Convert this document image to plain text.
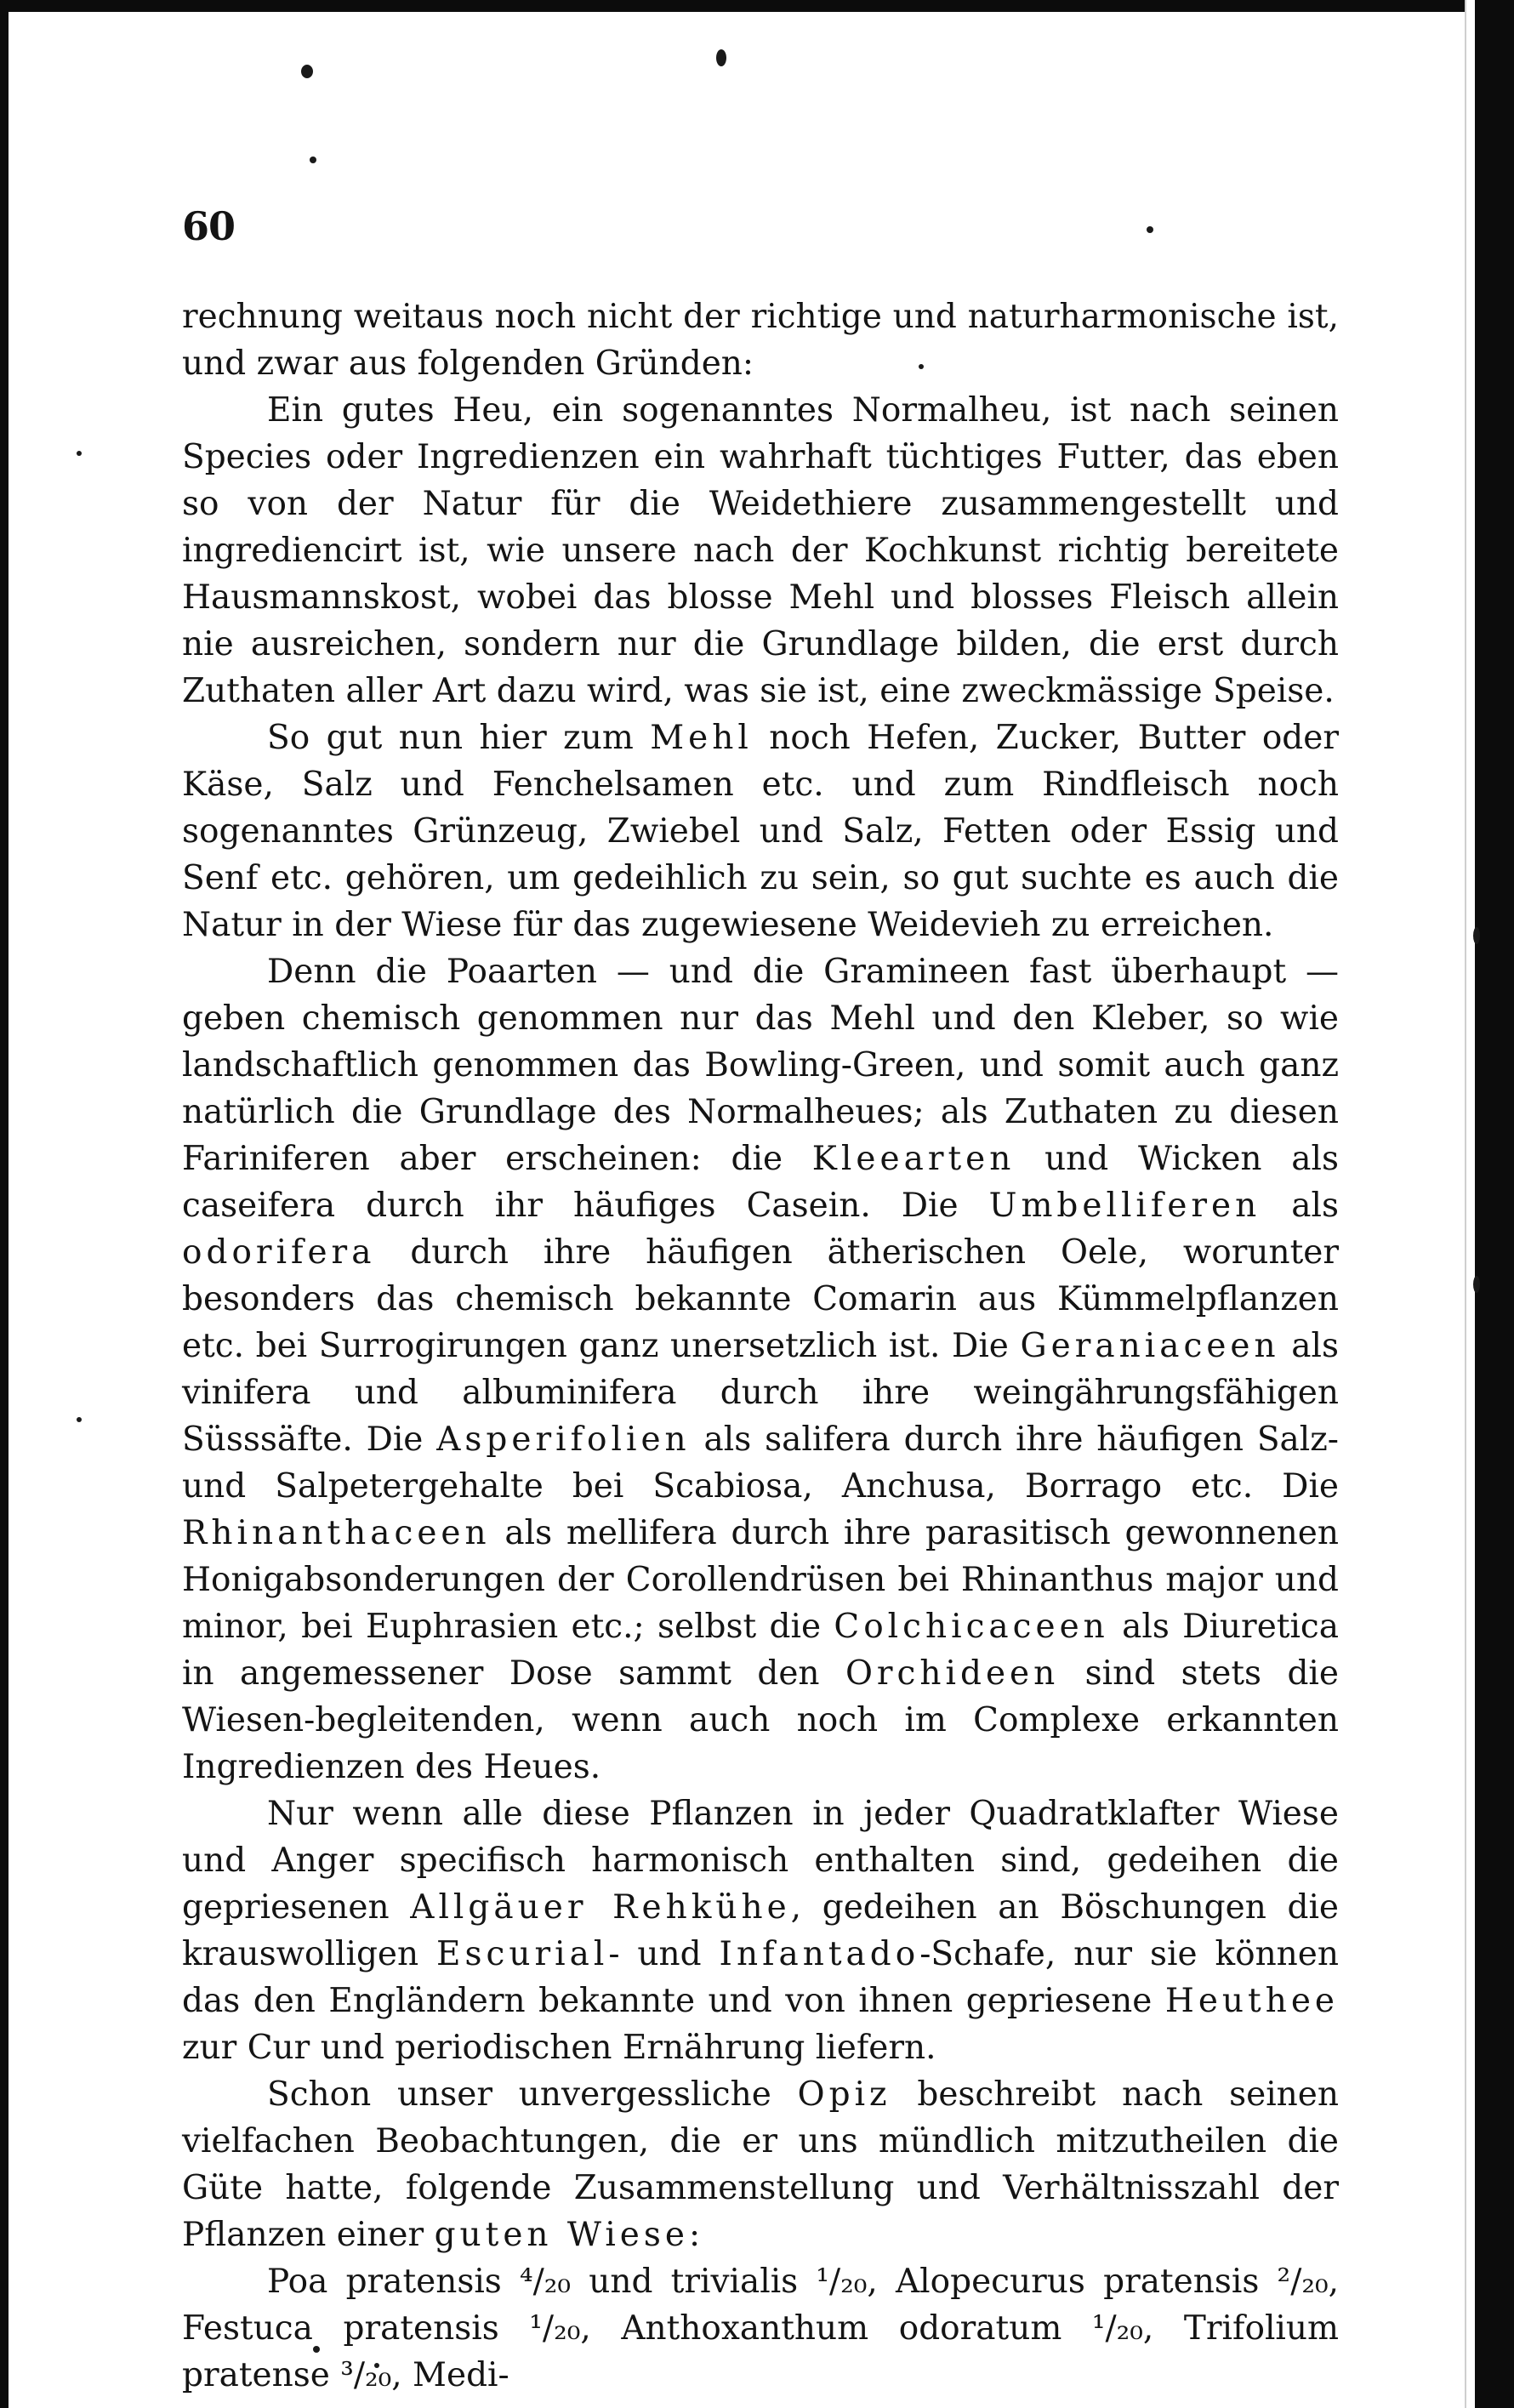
60

rechnung weitaus noch nicht der richtige und naturharmonische ist, und zwar aus folgenden Gründen:

Ein gutes Heu, ein sogenanntes Normalheu, ist nach seinen Species oder Ingredienzen ein wahrhaft tüchtiges Futter, das eben so von der Natur für die Weidethiere zusammengestellt und ingrediencirt ist, wie unsere nach der Kochkunst richtig bereitete Hausmannskost, wobei das blosse Mehl und blosses Fleisch allein nie ausreichen, sondern nur die Grundlage bilden, die erst durch Zuthaten aller Art dazu wird, was sie ist, eine zweckmässige Speise.

So gut nun hier zum Mehl noch Hefen, Zucker, Butter oder Käse, Salz und Fenchelsamen etc. und zum Rindfleisch noch sogenanntes Grünzeug, Zwiebel und Salz, Fetten oder Essig und Senf etc. gehören, um gedeihlich zu sein, so gut suchte es auch die Natur in der Wiese für das zugewiesene Weidevieh zu erreichen.

Denn die Poaarten — und die Gramineen fast überhaupt — geben chemisch genommen nur das Mehl und den Kleber, so wie landschaftlich genommen das Bowling-Green, und somit auch ganz natürlich die Grundlage des Normalheues; als Zuthaten zu diesen Fariniferen aber erscheinen: die Kleearten und Wicken als caseifera durch ihr häufiges Casein. Die Umbelliferen als odorifera durch ihre häufigen ätherischen Oele, worunter besonders das chemisch bekannte Comarin aus Kümmelpflanzen etc. bei Surrogirungen ganz unersetzlich ist. Die Geraniaceen als vinifera und albuminifera durch ihre weingährungsfähigen Süsssäfte. Die Asperifolien als salifera durch ihre häufigen Salz- und Salpetergehalte bei Scabiosa, Anchusa, Borrago etc. Die Rhinanthaceen als mellifera durch ihre parasitisch gewonnenen Honigabsonderungen der Corollendrüsen bei Rhinanthus major und minor, bei Euphrasien etc.; selbst die Colchicaceen als Diuretica in angemessener Dose sammt den Orchideen sind stets die Wiesen-begleitenden, wenn auch noch im Complexe erkannten Ingredienzen des Heues.

Nur wenn alle diese Pflanzen in jeder Quadratklafter Wiese und Anger specifisch harmonisch enthalten sind, gedeihen die gepriesenen Allgäuer Rehkühe, gedeihen an Böschungen die krauswolligen Escurial- und Infantado-Schafe, nur sie können das den Engländern bekannte und von ihnen gepriesene Heuthee zur Cur und periodischen Ernährung liefern.

Schon unser unvergessliche Opiz beschreibt nach seinen vielfachen Beobachtungen, die er uns mündlich mitzutheilen die Güte hatte, folgende Zusammenstellung und Verhältnisszahl der Pflanzen einer guten Wiese:

Poa pratensis ⁴/₂₀ und trivialis ¹/₂₀, Alopecurus pratensis ²/₂₀, Festuca pratensis ¹/₂₀, Anthoxanthum odoratum ¹/₂₀, Trifolium pratense ³/₂₀, Medi-
